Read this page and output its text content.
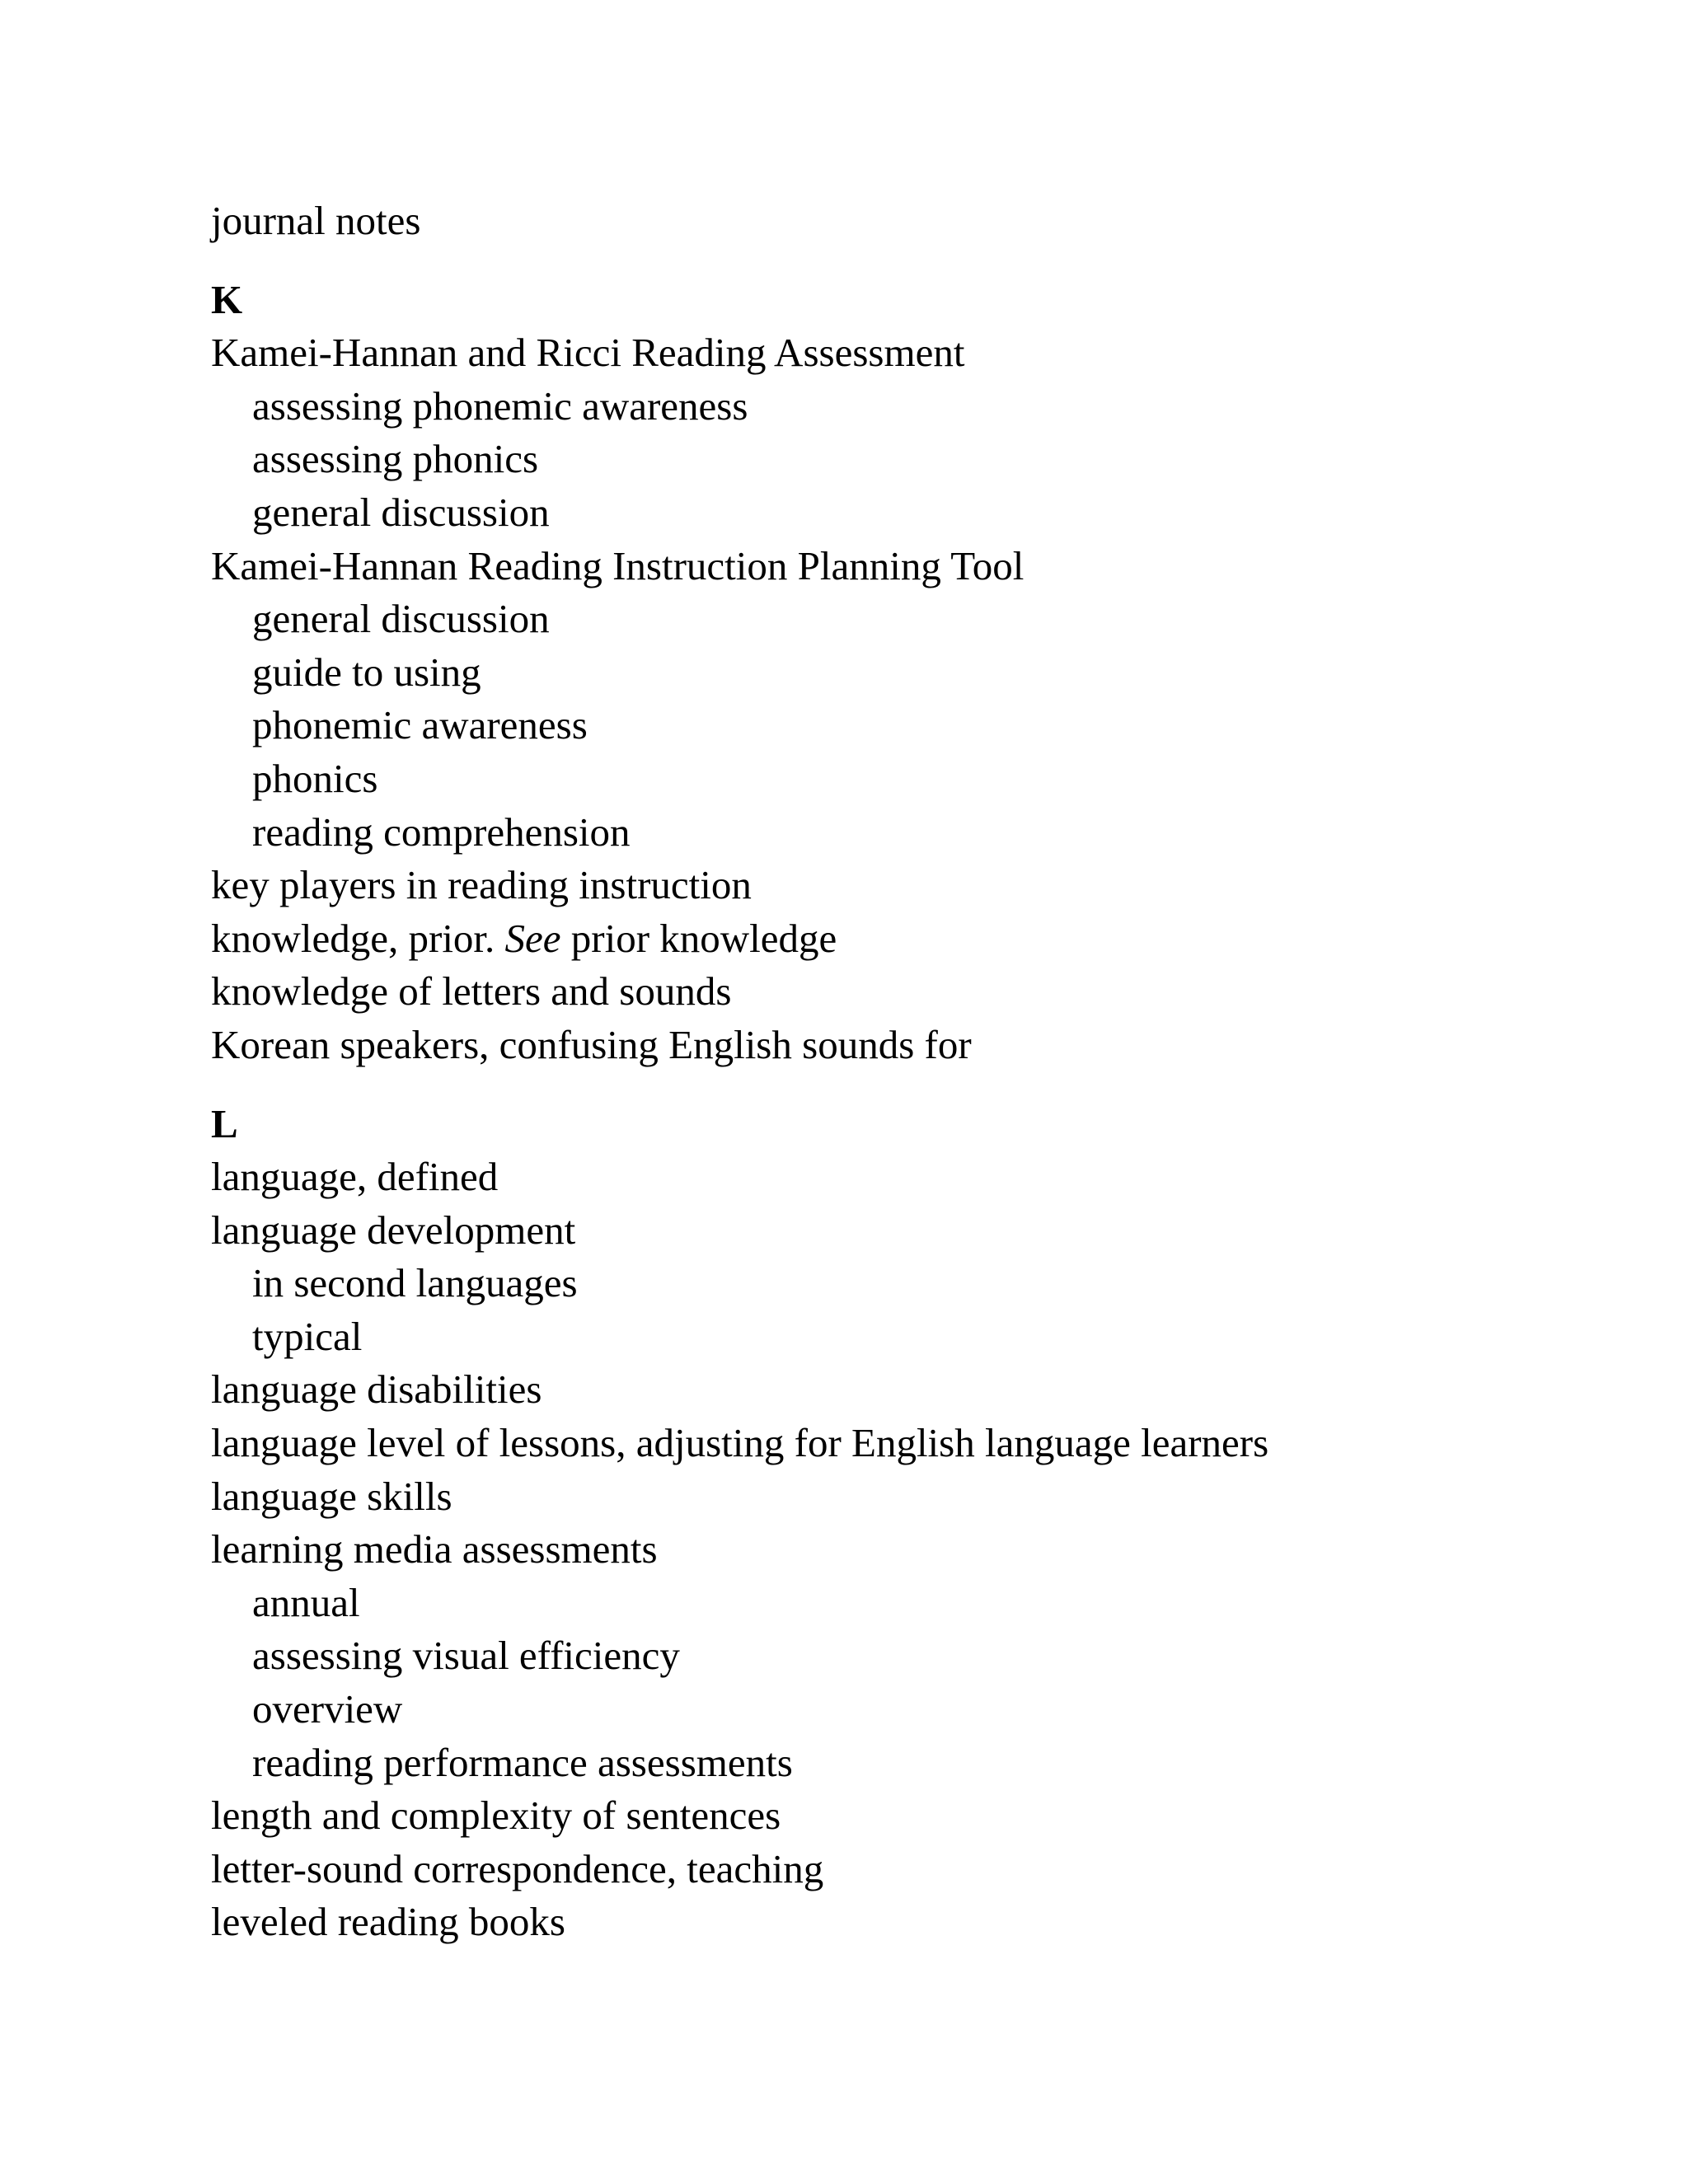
journal notes
K
Kamei-Hannan and Ricci Reading Assessment
assessing phonemic awareness
assessing phonics
general discussion
Kamei-Hannan Reading Instruction Planning Tool
general discussion
guide to using
phonemic awareness
phonics
reading comprehension
key players in reading instruction
knowledge, prior. See prior knowledge
knowledge of letters and sounds
Korean speakers, confusing English sounds for
L
language, defined
language development
in second languages
typical
language disabilities
language level of lessons, adjusting for English language learners
language skills
learning media assessments
annual
assessing visual efficiency
overview
reading performance assessments
length and complexity of sentences
letter-sound correspondence, teaching
leveled reading books
